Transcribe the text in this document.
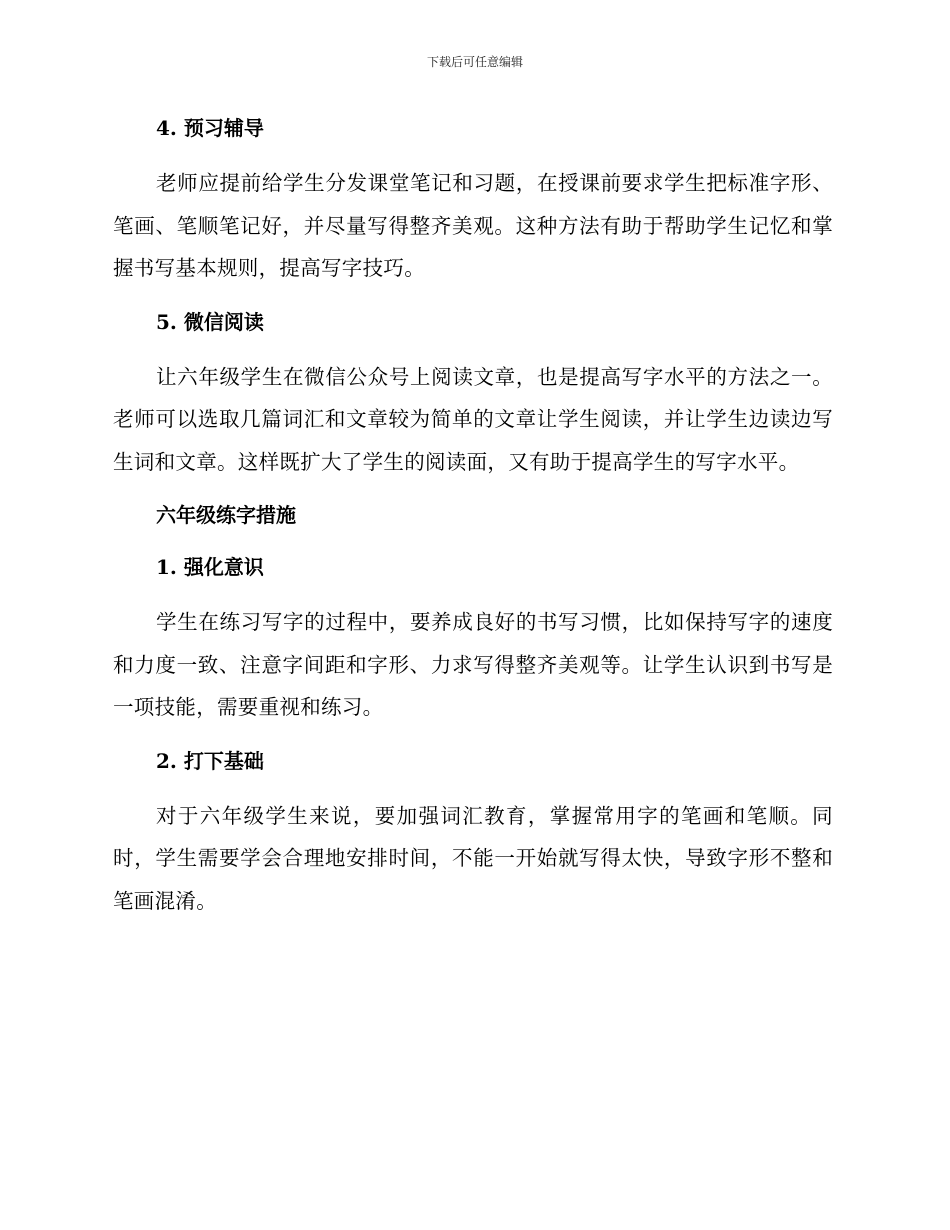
下载后可任意编辑
4. 预习辅导

老师应提前给学生分发课堂笔记和习题，在授课前要求学生把标准字形、笔画、笔顺笔记好，并尽量写得整齐美观。这种方法有助于帮助学生记忆和掌握书写基本规则，提高写字技巧。

5. 微信阅读

让六年级学生在微信公众号上阅读文章，也是提高写字水平的方法之一。老师可以选取几篇词汇和文章较为简单的文章让学生阅读，并让学生边读边写生词和文章。这样既扩大了学生的阅读面，又有助于提高学生的写字水平。

六年级练字措施
1. 强化意识

学生在练习写字的过程中，要养成良好的书写习惯，比如保持写字的速度和力度一致、注意字间距和字形、力求写得整齐美观等。让学生认识到书写是一项技能，需要重视和练习。

2. 打下基础

对于六年级学生来说，要加强词汇教育，掌握常用字的笔画和笔顺。同时，学生需要学会合理地安排时间，不能一开始就写得太快，导致字形不整和笔画混淆。
